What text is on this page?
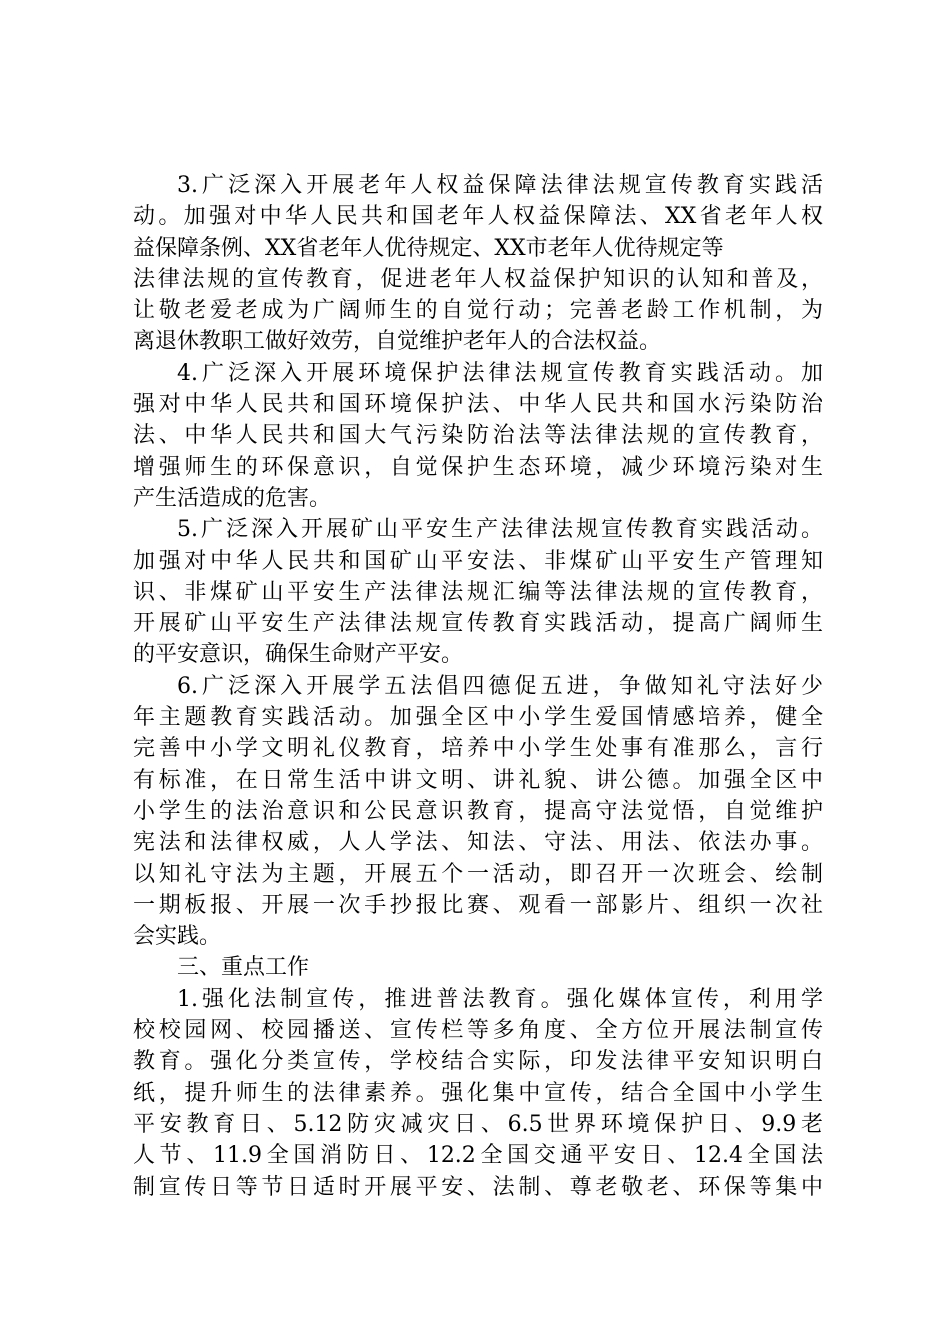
3.广泛深入开展老年人权益保障法律法规宣传教育实践活
动。加强对中华人民共和国老年人权益保障法、XX省老年人权
益保障条例、XX省老年人优待规定、XX市老年人优待规定等
法律法规的宣传教育，促进老年人权益保护知识的认知和普及，
让敬老爱老成为广阔师生的自觉行动；完善老龄工作机制，为
离退休教职工做好效劳，自觉维护老年人的合法权益。
4.广泛深入开展环境保护法律法规宣传教育实践活动。加
强对中华人民共和国环境保护法、中华人民共和国水污染防治
法、中华人民共和国大气污染防治法等法律法规的宣传教育，
增强师生的环保意识，自觉保护生态环境，减少环境污染对生
产生活造成的危害。
5.广泛深入开展矿山平安生产法律法规宣传教育实践活动。
加强对中华人民共和国矿山平安法、非煤矿山平安生产管理知
识、非煤矿山平安生产法律法规汇编等法律法规的宣传教育，
开展矿山平安生产法律法规宣传教育实践活动，提高广阔师生
的平安意识，确保生命财产平安。
6.广泛深入开展学五法倡四德促五进，争做知礼守法好少
年主题教育实践活动。加强全区中小学生爱国情感培养，健全
完善中小学文明礼仪教育，培养中小学生处事有准那么，言行
有标准，在日常生活中讲文明、讲礼貌、讲公德。加强全区中
小学生的法治意识和公民意识教育，提高守法觉悟，自觉维护
宪法和法律权威，人人学法、知法、守法、用法、依法办事。
以知礼守法为主题，开展五个一活动，即召开一次班会、绘制
一期板报、开展一次手抄报比赛、观看一部影片、组织一次社
会实践。
三、重点工作
1.强化法制宣传，推进普法教育。强化媒体宣传，利用学
校校园网、校园播送、宣传栏等多角度、全方位开展法制宣传
教育。强化分类宣传，学校结合实际，印发法律平安知识明白
纸，提升师生的法律素养。强化集中宣传，结合全国中小学生
平安教育日、5.12防灾减灾日、6.5世界环境保护日、9.9老
人节、11.9全国消防日、12.2全国交通平安日、12.4全国法
制宣传日等节日适时开展平安、法制、尊老敬老、环保等集中
